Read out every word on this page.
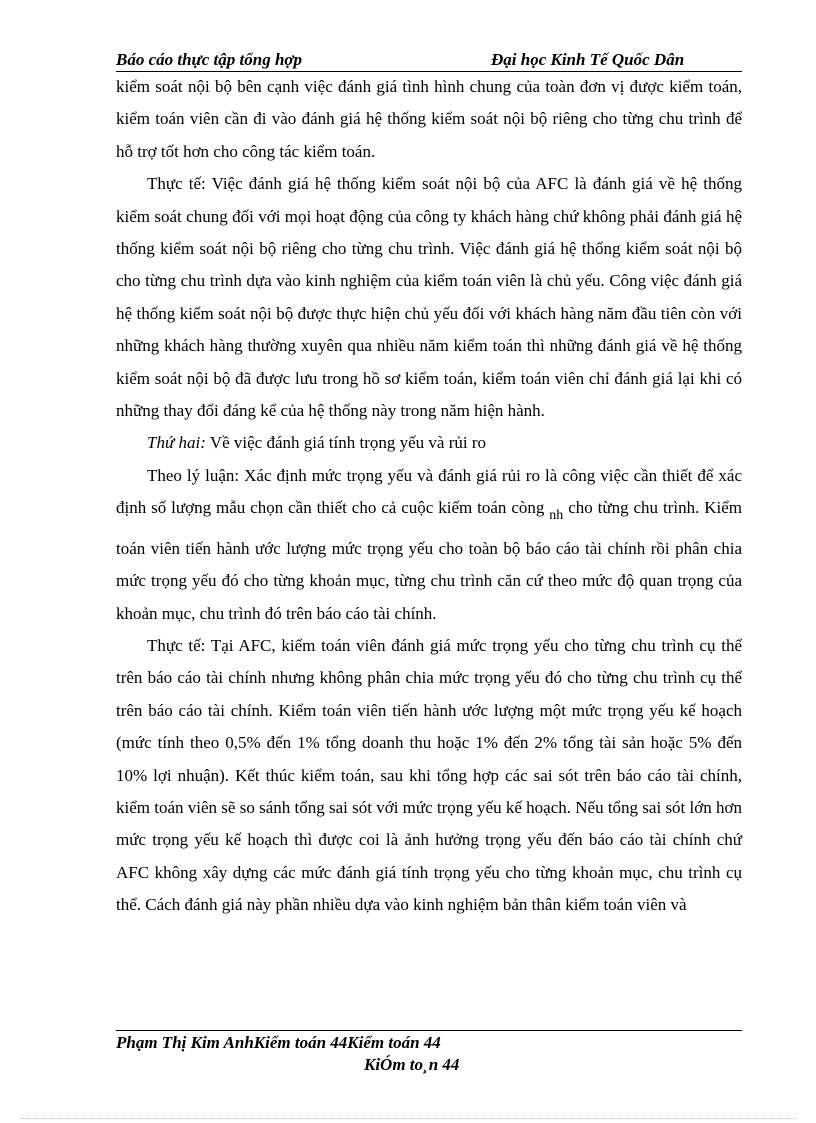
Báo cáo thực tập tổng hợp	Đại học Kinh Tế Quốc Dân

kiểm soát nội bộ bên cạnh việc đánh giá tình hình chung của toàn đơn vị được kiểm toán, kiểm toán viên cần đi vào đánh giá hệ thống kiểm soát nội bộ riêng cho từng chu trình để hỗ trợ tốt hơn cho công tác kiểm toán.

Thực tế: Việc đánh giá hệ thống kiểm soát nội bộ của AFC là đánh giá về hệ thống kiểm soát chung đối với mọi hoạt động của công ty khách hàng chứ không phải đánh giá hệ thống kiểm soát nội bộ riêng cho từng chu trình. Việc đánh giá hệ thống kiểm soát nội bộ cho từng chu trình dựa vào kinh nghiệm của kiểm toán viên là chủ yếu. Công việc đánh giá hệ thống kiểm soát nội bộ được thực hiện chủ yếu đối với khách hàng năm đầu tiên còn với những khách hàng thường xuyên qua nhiều năm kiểm toán thì những đánh giá về hệ thống kiểm soát nội bộ đã được lưu trong hồ sơ kiểm toán, kiểm toán viên chỉ đánh giá lại khi có những thay đổi đáng kể của hệ thống này trong năm hiện hành.

Thứ hai: Về việc đánh giá tính trọng yếu và rủi ro

Theo lý luận: Xác định mức trọng yếu và đánh giá rủi ro là công việc cần thiết để xác định số lượng mẫu chọn cần thiết cho cả cuộc kiểm toán còng $_{nh}$ cho từng chu trình. Kiểm toán viên tiến hành ước lượng mức trọng yếu cho toàn bộ báo cáo tài chính rồi phân chia mức trọng yếu đó cho từng khoản mục, từng chu trình căn cứ theo mức độ quan trọng của khoản mục, chu trình đó trên báo cáo tài chính.

Thực tế: Tại AFC, kiểm toán viên đánh giá mức trọng yếu cho từng chu trình cụ thể trên báo cáo tài chính nhưng không phân chia mức trọng yếu đó cho từng chu trình cụ thể trên báo cáo tài chính. Kiểm toán viên tiến hành ước lượng một mức trọng yếu kế hoạch (mức tính theo 0,5% đến 1% tổng doanh thu hoặc 1% đến 2% tổng tài sản hoặc 5% đến 10% lợi nhuận). Kết thúc kiểm toán, sau khi tổng hợp các sai sót trên báo cáo tài chính, kiểm toán viên sẽ so sánh tổng sai sót với mức trọng yếu kế hoạch. Nếu tổng sai sót lớn hơn mức trọng yếu kế hoạch thì được coi là ảnh hưởng trọng yếu đến báo cáo tài chính chứ AFC không xây dựng các mức đánh giá tính trọng yếu cho từng khoản mục, chu trình cụ thể. Cách đánh giá này phần nhiều dựa vào kinh nghiệm bản thân kiểm toán viên và

Phạm Thị Kim AnhKiểm toán 44Kiểm toán 44
KiÓm to¸n 44
